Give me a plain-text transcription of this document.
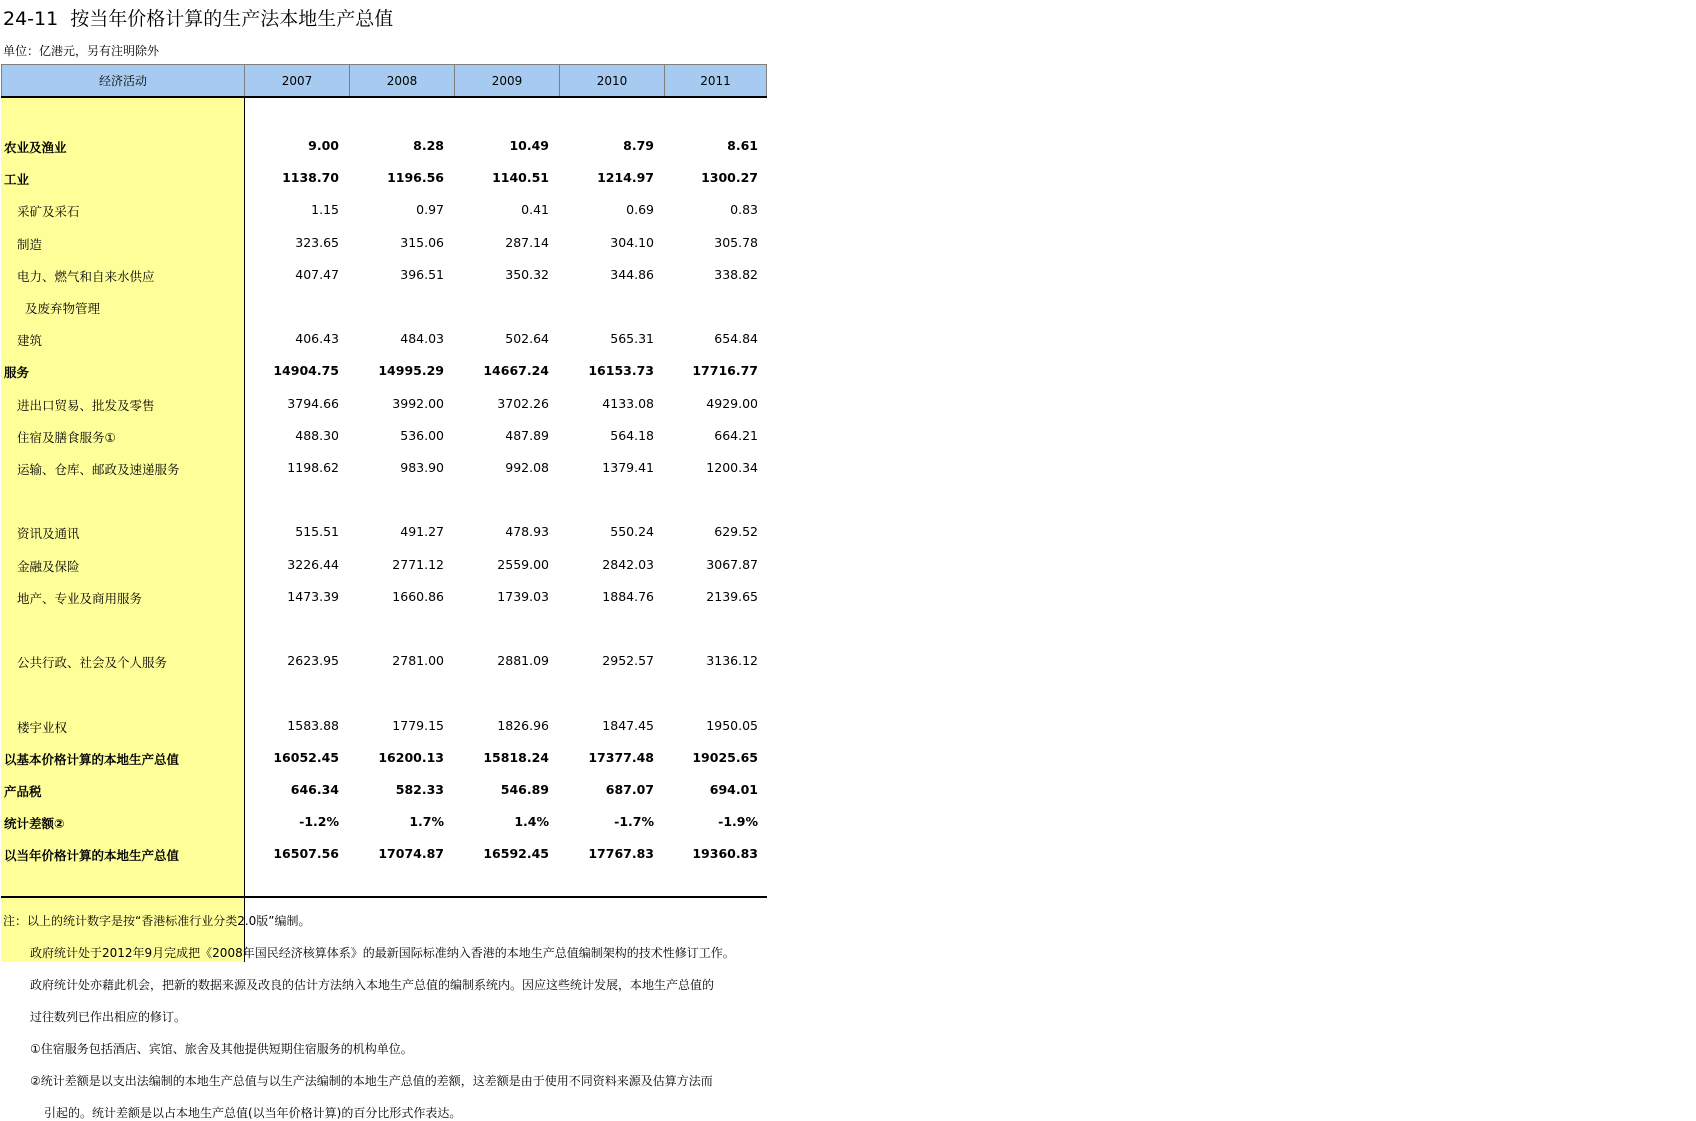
24-11  按当年价格计算的生产法本地生产总值
单位：亿港元，另有注明除外
经济活动	2007	2008	2009	2010	2011
农业及渔业	9.00	8.28	10.49	8.79	8.61
工业	1138.70	1196.56	1140.51	1214.97	1300.27
采矿及采石	1.15	0.97	0.41	0.69	0.83
制造	323.65	315.06	287.14	304.10	305.78
电力、燃气和自来水供应	407.47	396.51	350.32	344.86	338.82
及废弃物管理
建筑	406.43	484.03	502.64	565.31	654.84
服务	14904.75	14995.29	14667.24	16153.73	17716.77
进出口贸易、批发及零售	3794.66	3992.00	3702.26	4133.08	4929.00
住宿及膳食服务①	488.30	536.00	487.89	564.18	664.21
运输、仓库、邮政及速递服务	1198.62	983.90	992.08	1379.41	1200.34
资讯及通讯	515.51	491.27	478.93	550.24	629.52
金融及保险	3226.44	2771.12	2559.00	2842.03	3067.87
地产、专业及商用服务	1473.39	1660.86	1739.03	1884.76	2139.65
公共行政、社会及个人服务	2623.95	2781.00	2881.09	2952.57	3136.12
楼宇业权	1583.88	1779.15	1826.96	1847.45	1950.05
以基本价格计算的本地生产总值	16052.45	16200.13	15818.24	17377.48	19025.65
产品税	646.34	582.33	546.89	687.07	694.01
统计差额②	-1.2%	1.7%	1.4%	-1.7%	-1.9%
以当年价格计算的本地生产总值	16507.56	17074.87	16592.45	17767.83	19360.83
注：以上的统计数字是按“香港标准行业分类2.0版”编制。
政府统计处于2012年9月完成把《2008年国民经济核算体系》的最新国际标准纳入香港的本地生产总值编制架构的技术性修订工作。
政府统计处亦藉此机会，把新的数据来源及改良的估计方法纳入本地生产总值的编制系统内。因应这些统计发展，本地生产总值的
过往数列已作出相应的修订。
①住宿服务包括酒店、宾馆、旅舍及其他提供短期住宿服务的机构单位。
②统计差额是以支出法编制的本地生产总值与以生产法编制的本地生产总值的差额，这差额是由于使用不同资料来源及估算方法而
引起的。统计差额是以占本地生产总值(以当年价格计算)的百分比形式作表达。
